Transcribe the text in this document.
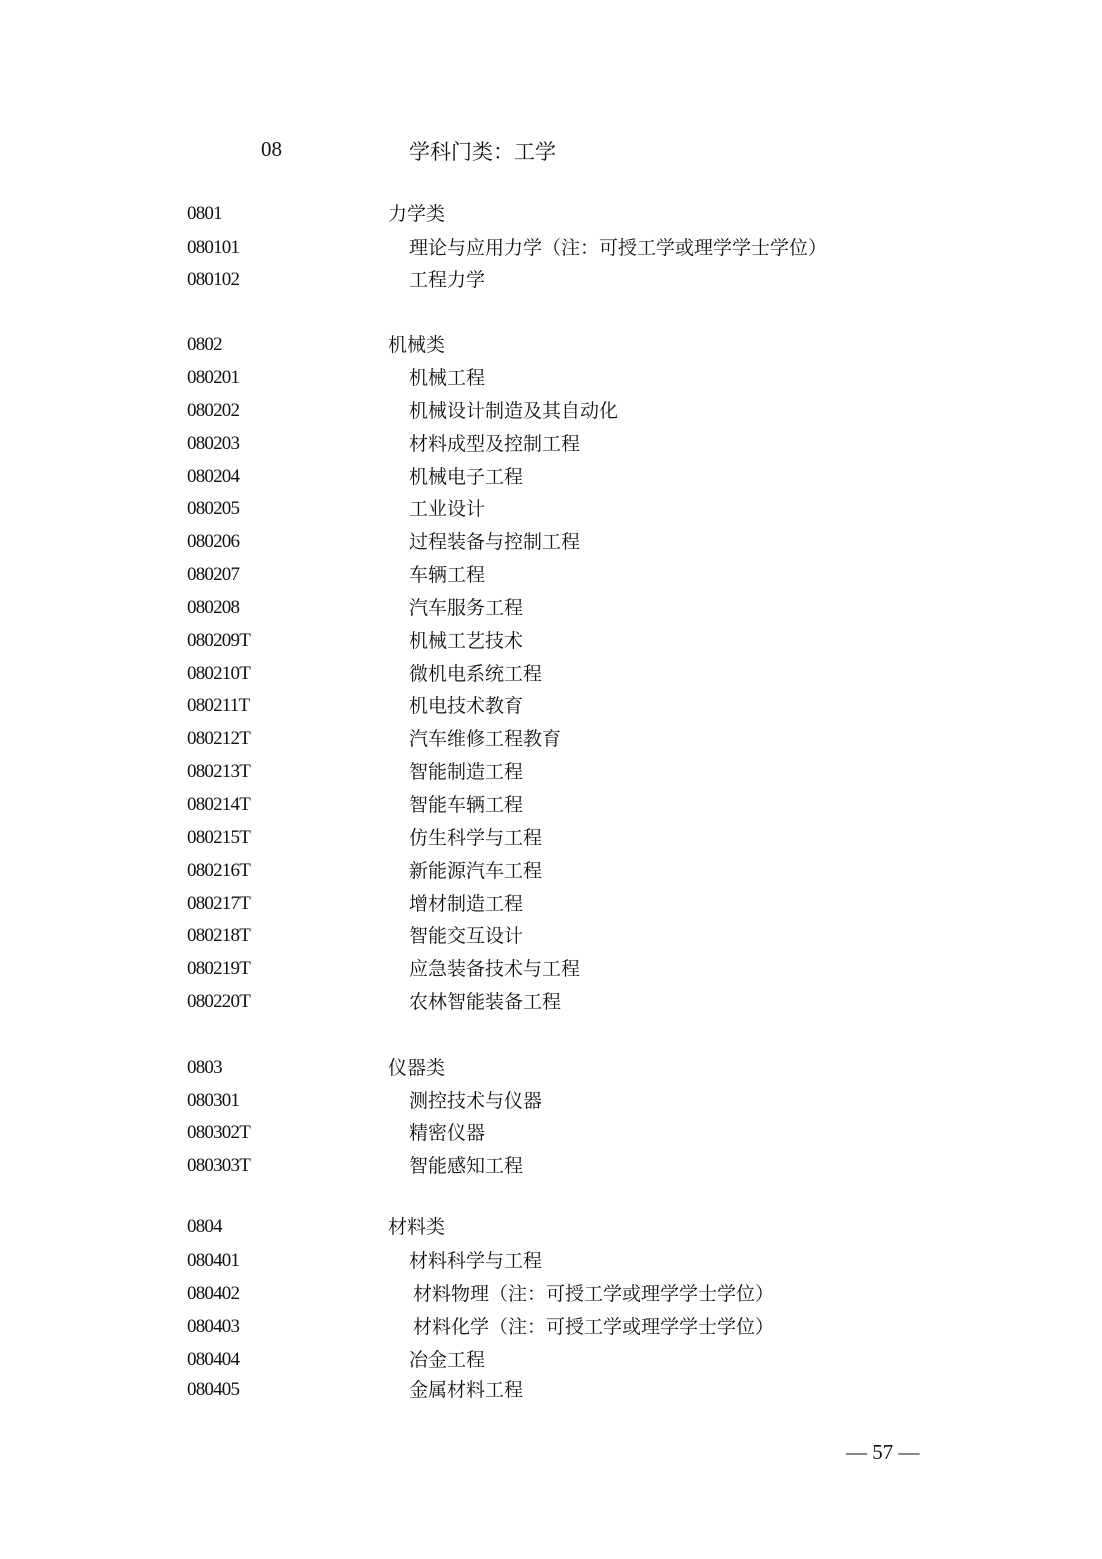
08	学科门类：工学
0801	力学类
080101	理论与应用力学（注：可授工学或理学学士学位）
080102	工程力学
0802	机械类
080201	机械工程
080202	机械设计制造及其自动化
080203	材料成型及控制工程
080204	机械电子工程
080205	工业设计
080206	过程装备与控制工程
080207	车辆工程
080208	汽车服务工程
080209T	机械工艺技术
080210T	微机电系统工程
080211T	机电技术教育
080212T	汽车维修工程教育
080213T	智能制造工程
080214T	智能车辆工程
080215T	仿生科学与工程
080216T	新能源汽车工程
080217T	增材制造工程
080218T	智能交互设计
080219T	应急装备技术与工程
080220T	农林智能装备工程
0803	仪器类
080301	测控技术与仪器
080302T	精密仪器
080303T	智能感知工程
0804	材料类
080401	材料科学与工程
080402	材料物理（注：可授工学或理学学士学位）
080403	材料化学（注：可授工学或理学学士学位）
080404	冶金工程
080405	金属材料工程
— 57 —
